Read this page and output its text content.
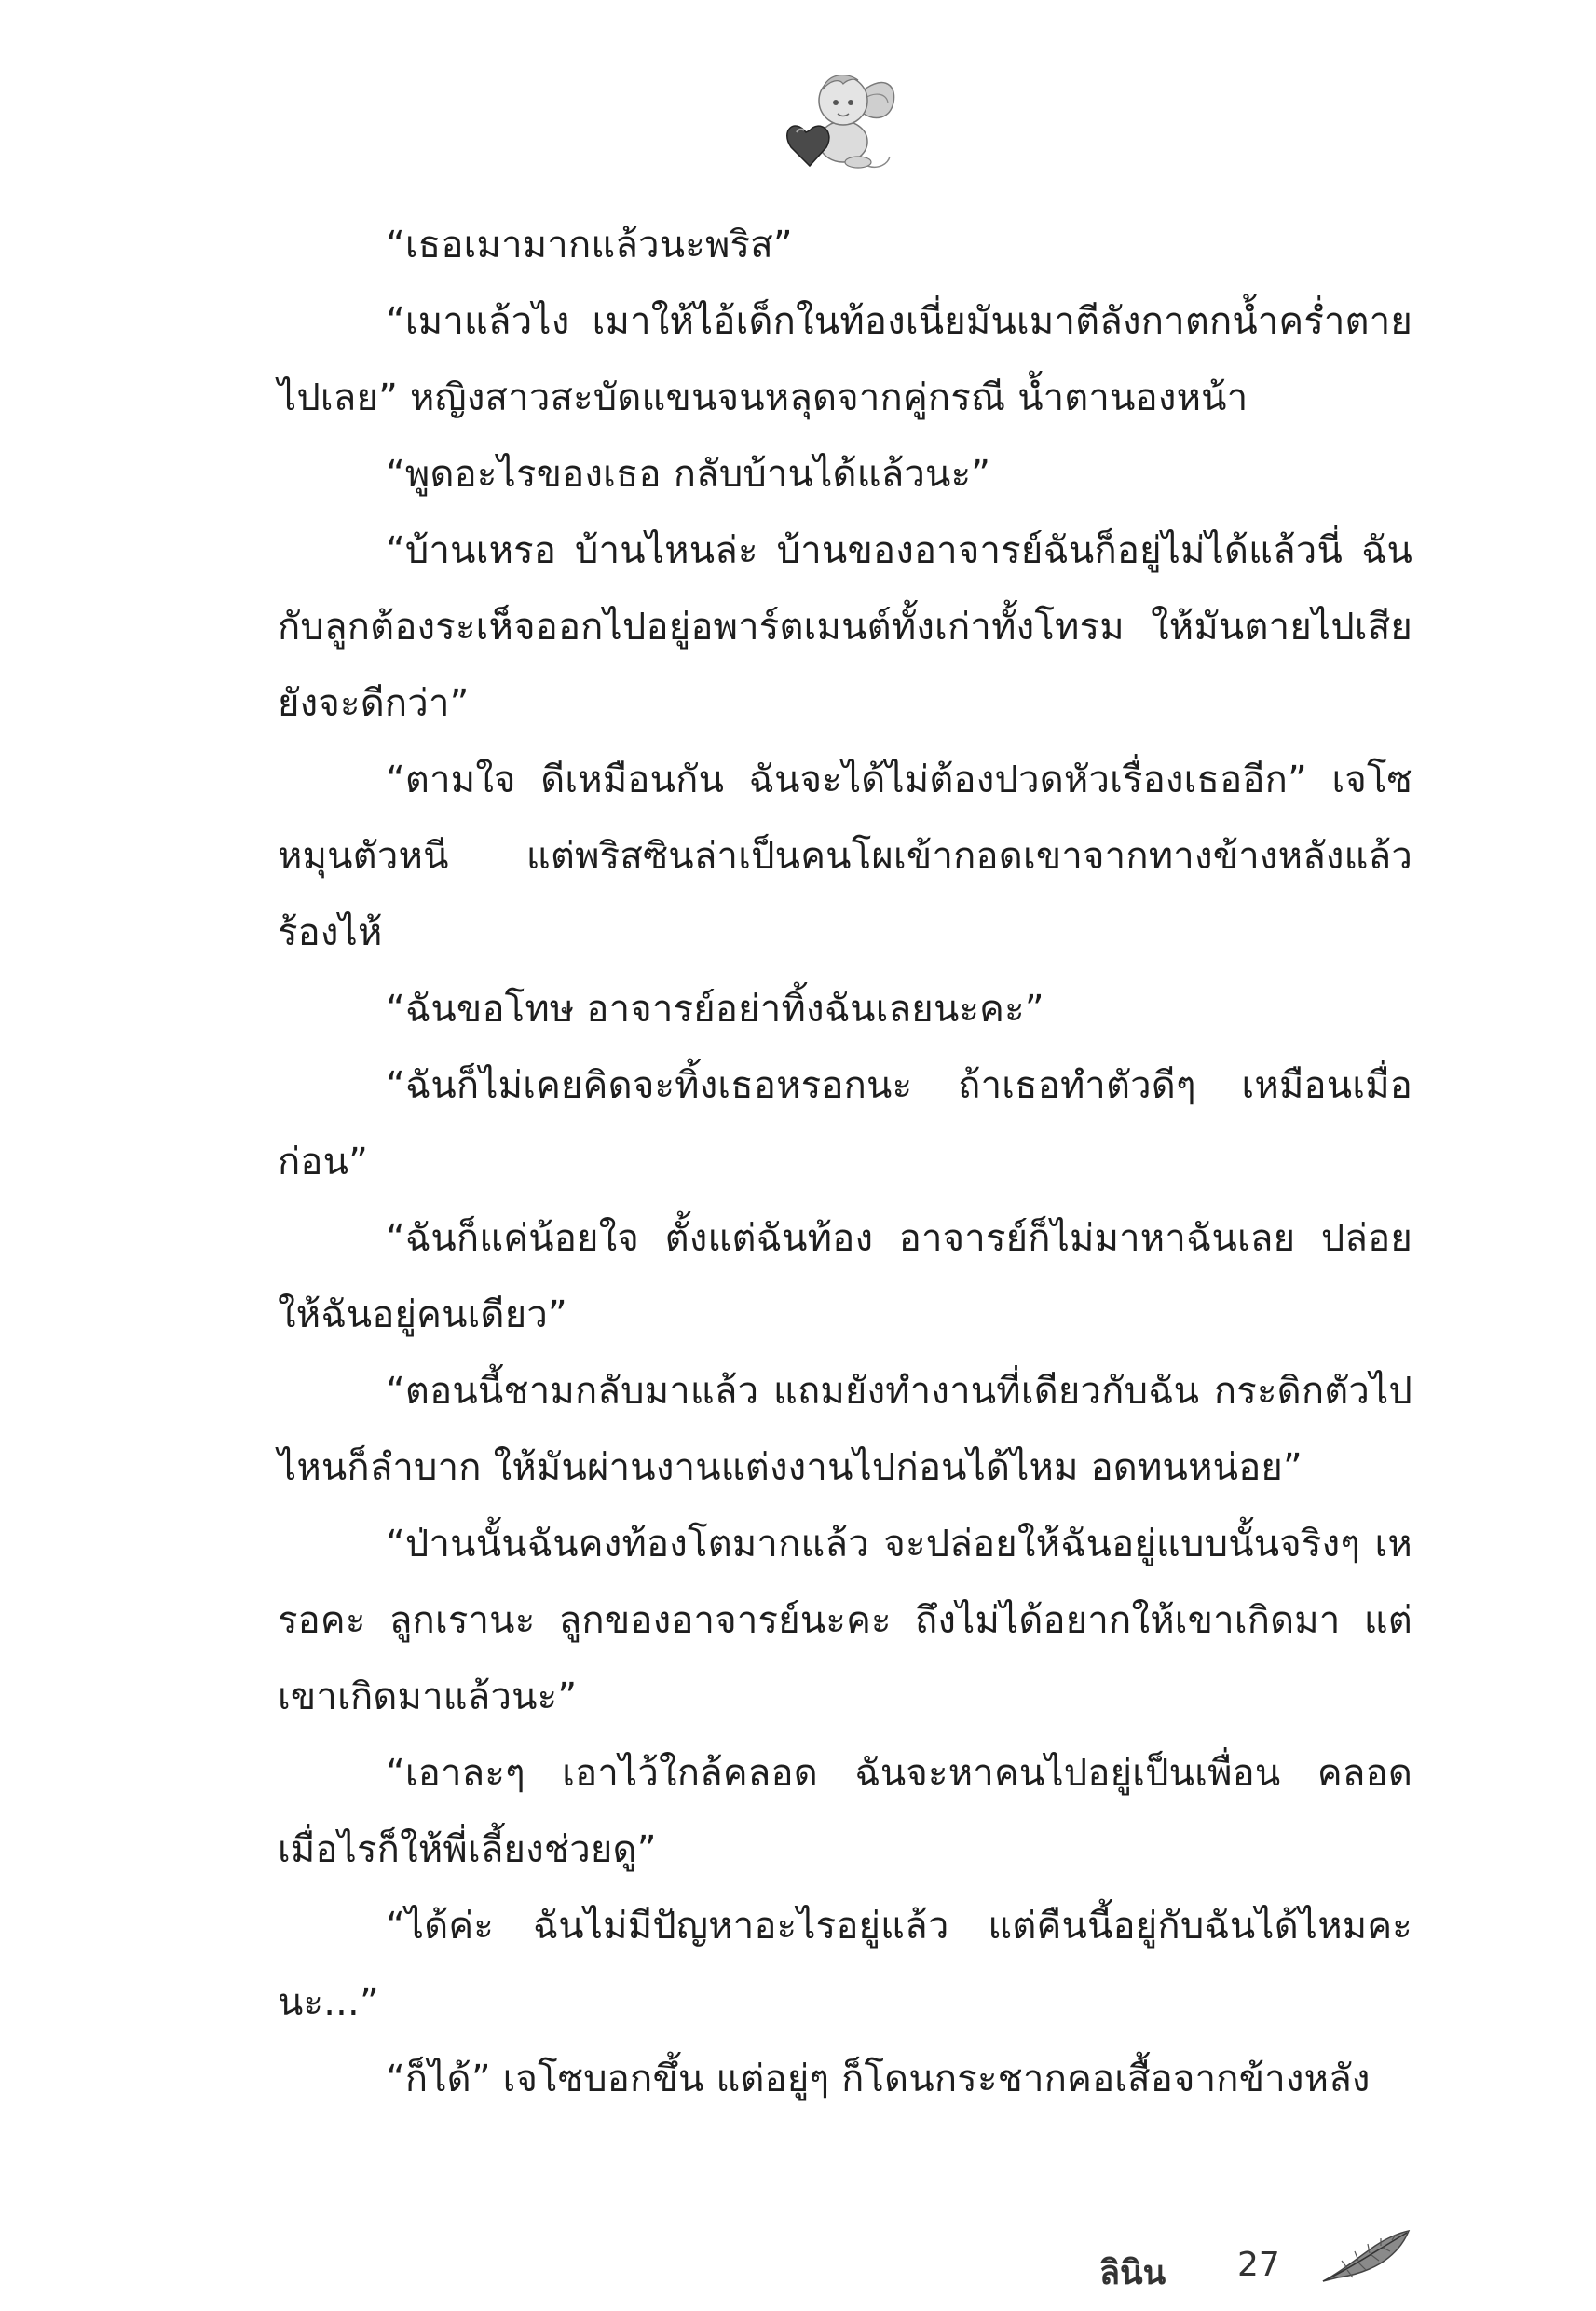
“เธอเมามากแล้วนะพริส”

“เมาแล้วไง เมาให้ไอ้เด็กในท้องเนี่ยมันเมาตีลังกาตกน้ำคร่ำตายไปเลย” หญิงสาวสะบัดแขนจนหลุดจากคู่กรณี น้ำตานองหน้า

“พูดอะไรของเธอ กลับบ้านได้แล้วนะ”

“บ้านเหรอ บ้านไหนล่ะ บ้านของอาจารย์ฉันก็อยู่ไม่ได้แล้วนี่ ฉันกับลูกต้องระเห็จออกไปอยู่อพาร์ตเมนต์ทั้งเก่าทั้งโทรม ให้มันตายไปเสียยังจะดีกว่า”

“ตามใจ ดีเหมือนกัน ฉันจะได้ไม่ต้องปวดหัวเรื่องเธออีก” เจโซหมุนตัวหนี แต่พริสซินล่าเป็นคนโผเข้ากอดเขาจากทางข้างหลังแล้วร้องไห้

“ฉันขอโทษ อาจารย์อย่าทิ้งฉันเลยนะคะ”

“ฉันก็ไม่เคยคิดจะทิ้งเธอหรอกนะ ถ้าเธอทำตัวดีๆ เหมือนเมื่อก่อน”

“ฉันก็แค่น้อยใจ ตั้งแต่ฉันท้อง อาจารย์ก็ไม่มาหาฉันเลย ปล่อยให้ฉันอยู่คนเดียว”

“ตอนนี้ชามกลับมาแล้ว แถมยังทำงานที่เดียวกับฉัน กระดิกตัวไปไหนก็ลำบาก ให้มันผ่านงานแต่งงานไปก่อนได้ไหม อดทนหน่อย”

“ป่านนั้นฉันคงท้องโตมากแล้ว จะปล่อยให้ฉันอยู่แบบนั้นจริงๆ เหรอคะ ลูกเรานะ ลูกของอาจารย์นะคะ ถึงไม่ได้อยากให้เขาเกิดมา แต่เขาเกิดมาแล้วนะ”

“เอาละๆ เอาไว้ใกล้คลอด ฉันจะหาคนไปอยู่เป็นเพื่อน คลอดเมื่อไรก็ให้พี่เลี้ยงช่วยดู”

“ได้ค่ะ ฉันไม่มีปัญหาอะไรอยู่แล้ว แต่คืนนี้อยู่กับฉันได้ไหมคะ นะ...”

“ก็ได้” เจโซบอกขึ้น แต่อยู่ๆ ก็โดนกระชากคอเสื้อจากข้างหลัง

ลินิน 27
